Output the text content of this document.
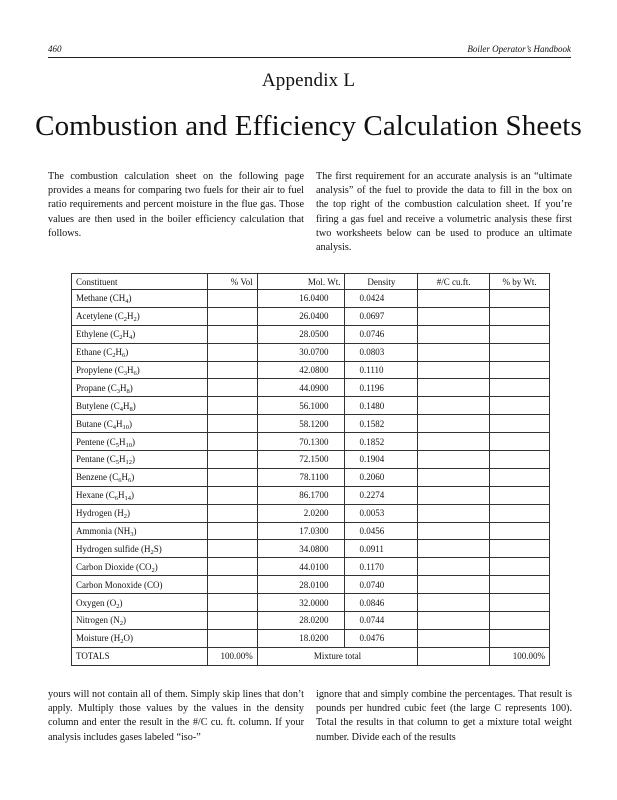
460	Boiler Operator’s Handbook
Appendix L
Combustion and Efficiency Calculation Sheets
The combustion calculation sheet on the following page provides a means for comparing two fuels for their air to fuel ratio requirements and percent moisture in the flue gas. Those values are then used in the boiler efficiency calculation that follows.
The first requirement for an accurate analysis is an “ultimate analysis” of the fuel to provide the data to fill in the box on the top right of the combustion calculation sheet. If you’re firing a gas fuel and receive a volumetric analysis these first two worksheets below can be used to produce an ultimate analysis.
Constituent	% Vol	Mol. Wt.	Density	#/C cu.ft.	% by Wt.
Methane $(CH_4)$		16.0400	0.0424		
Acetylene $(C_2H_2)$		26.0400	0.0697		
Ethylene $(C_2H_4)$		28.0500	0.0746		
Ethane $(C_2H_6)$		30.0700	0.0803		
Propylene $(C_3H_6)$		42.0800	0.1110		
Propane $(C_3H_8)$		44.0900	0.1196		
Butylene $(C_4H_8)$		56.1000	0.1480		
Butane $(C_4H_{10})$		58.1200	0.1582		
Pentene $(C_5H_{10})$		70.1300	0.1852		
Pentane $(C_5H_{12})$		72.1500	0.1904		
Benzene $(C_6H_6)$		78.1100	0.2060		
Hexane $(C_6H_{14})$		86.1700	0.2274		
Hydrogen $(H_2)$		2.0200	0.0053		
Ammonia $(NH_3)$		17.0300	0.0456		
Hydrogen sulfide $(H_2S)$		34.0800	0.0911		
Carbon Dioxide $(CO_2)$		44.0100	0.1170		
Carbon Monoxide (CO)		28.0100	0.0740		
Oxygen $(O_2)$		32.0000	0.0846		
Nitrogen $(N_2)$		28.0200	0.0744		
Moisture $(H_2O)$		18.0200	0.0476		
TOTALS	100.00%	Mixture total			100.00%
yours will not contain all of them. Simply skip lines that don’t apply. Multiply those values by the values in the density column and enter the result in the #/C cu. ft. column. If your analysis includes gases labeled “iso-”
ignore that and simply combine the percentages. That result is pounds per hundred cubic feet (the large C represents 100). Total the results in that column to get a mixture total weight number. Divide each of the results
